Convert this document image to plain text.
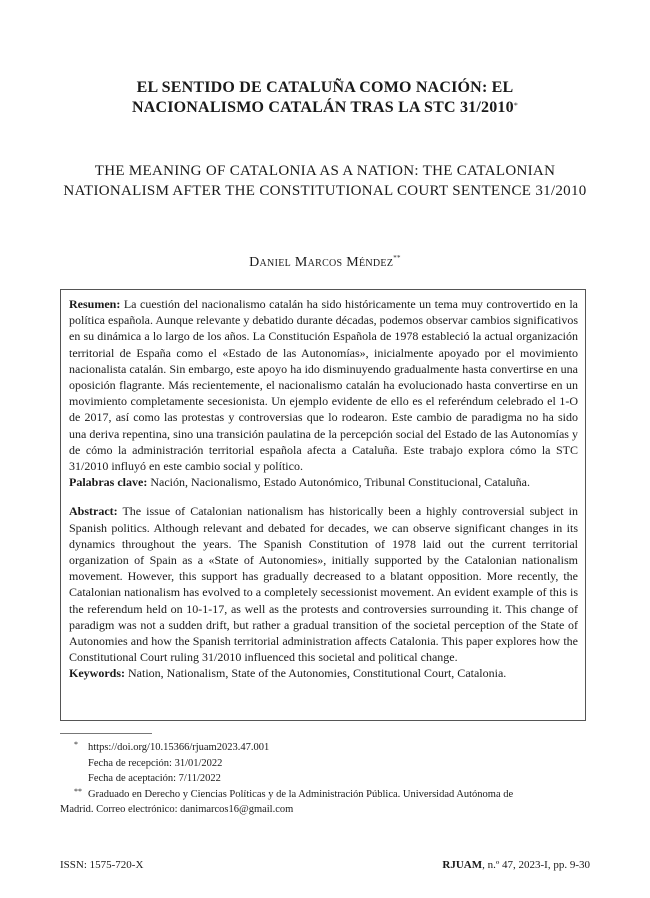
EL SENTIDO DE CATALUÑA COMO NACIÓN: EL
NACIONALISMO CATALÁN TRAS LA STC 31/2010*
THE MEANING OF CATALONIA AS A NATION: THE CATALONIAN
NATIONALISM AFTER THE CONSTITUTIONAL COURT SENTENCE 31/2010
Daniel Marcos Méndez**

Resumen: La cuestión del nacionalismo catalán ha sido históricamente un tema muy controvertido en la política española. Aunque relevante y debatido durante décadas, podemos observar cambios significativos en su dinámica a lo largo de los años. La Constitución Española de 1978 estableció la actual organización territorial de España como el «Estado de las Autonomías», inicialmente apoyado por el movimiento nacionalista catalán. Sin embargo, este apoyo ha ido disminuyendo gradualmente hasta convertirse en una oposición flagrante. Más recientemente, el nacionalismo catalán ha evolucionado hasta convertirse en un movimiento completamente secesionista. Un ejemplo evidente de ello es el referéndum celebrado el 1-O de 2017, así como las protestas y controversias que lo rodearon. Este cambio de paradigma no ha sido una deriva repentina, sino una transición paulatina de la percepción social del Estado de las Autonomías y de cómo la administración territorial española afecta a Cataluña. Este trabajo explora cómo la STC 31/2010 influyó en este cambio social y político.

Palabras clave: Nación, Nacionalismo, Estado Autonómico, Tribunal Constitucional, Cataluña.

Abstract: The issue of Catalonian nationalism has historically been a highly controversial subject in Spanish politics. Although relevant and debated for decades, we can observe significant changes in its dynamics throughout the years. The Spanish Constitution of 1978 laid out the current territorial organization of Spain as a «State of Autonomies», initially supported by the Catalonian nationalism movement. However, this support has gradually decreased to a blatant opposition. More recently, the Catalonian nationalism has evolved to a completely secessionist movement. An evident example of this is the referendum held on 10-1-17, as well as the protests and controversies surrounding it. This change of paradigm was not a sudden drift, but rather a gradual transition of the societal perception of the State of Autonomies and how the Spanish territorial administration affects Catalonia. This paper explores how the Constitutional Court ruling 31/2010 influenced this societal and political change.

Keywords: Nation, Nationalism, State of the Autonomies, Constitutional Court, Catalonia.

* https://doi.org/10.15366/rjuam2023.47.001
Fecha de recepción: 31/01/2022
Fecha de aceptación: 7/11/2022
** Graduado en Derecho y Ciencias Políticas y de la Administración Pública. Universidad Autónoma de
Madrid. Correo electrónico: danimarcos16@gmail.com
ISSN: 1575-720-X	RJUAM, n.º 47, 2023-I, pp. 9-30
